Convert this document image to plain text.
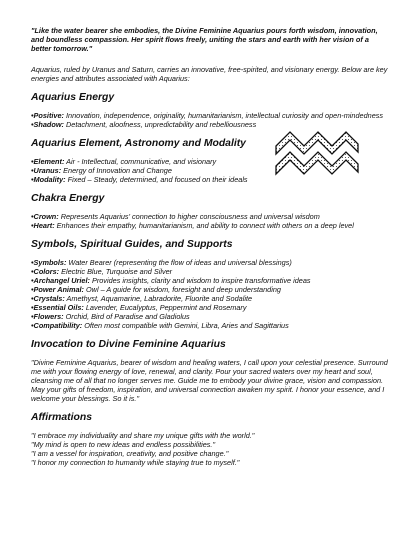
"Like the water bearer she embodies, the Divine Feminine Aquarius pours forth wisdom, innovation, and boundless compassion. Her spirit flows freely, uniting the stars and earth with her vision of a better tomorrow."
Aquarius, ruled by Uranus and Saturn, carries an innovative, free-spirited, and visionary energy. Below are key energies and attributes associated with Aquarius:
Aquarius Energy
•Positive: Innovation, independence, originality, humanitarianism, intellectual curiosity and open-mindedness
•Shadow: Detachment, aloofness, unpredictability and rebelliousness
Aquarius Element, Astronomy and Modality
•Element: Air - Intellectual, communicative, and visionary
•Uranus: Energy of Innovation and Change
•Modality: Fixed – Steady, determined, and focused on their ideals
Chakra Energy
•Crown: Represents Aquarius' connection to higher consciousness and universal wisdom
•Heart: Enhances their empathy, humanitarianism, and ability to connect with others on a deep level
Symbols, Spiritual Guides, and Supports
•Symbols: Water Bearer (representing the flow of ideas and universal blessings)
•Colors: Electric Blue, Turquoise and Silver
•Archangel Uriel: Provides insights, clarity and wisdom to inspire transformative ideas
•Power Animal: Owl – A guide for wisdom, foresight and deep understanding
•Crystals: Amethyst, Aquamarine, Labradorite, Fluorite and Sodalite
•Essential Oils: Lavender, Eucalyptus, Peppermint and Rosemary
•Flowers: Orchid, Bird of Paradise and Gladiolus
•Compatibility: Often most compatible with Gemini, Libra, Aries and Sagittarius
Invocation to Divine Feminine Aquarius
"Divine Feminine Aquarius, bearer of wisdom and healing waters, I call upon your celestial presence. Surround me with your flowing energy of love, renewal, and clarity. Pour your sacred waters over my heart and soul, cleansing me of all that no longer serves me. Guide me to embody your divine grace, vision and compassion. May your gifts of freedom, inspiration, and universal connection awaken my spirit. I honor your essence, and I welcome your blessings. So it is."
Affirmations
"I embrace my individuality and share my unique gifts with the world."
"My mind is open to new ideas and endless possibilities."
"I am a vessel for inspiration, creativity, and positive change."
"I honor my connection to humanity while staying true to myself."
